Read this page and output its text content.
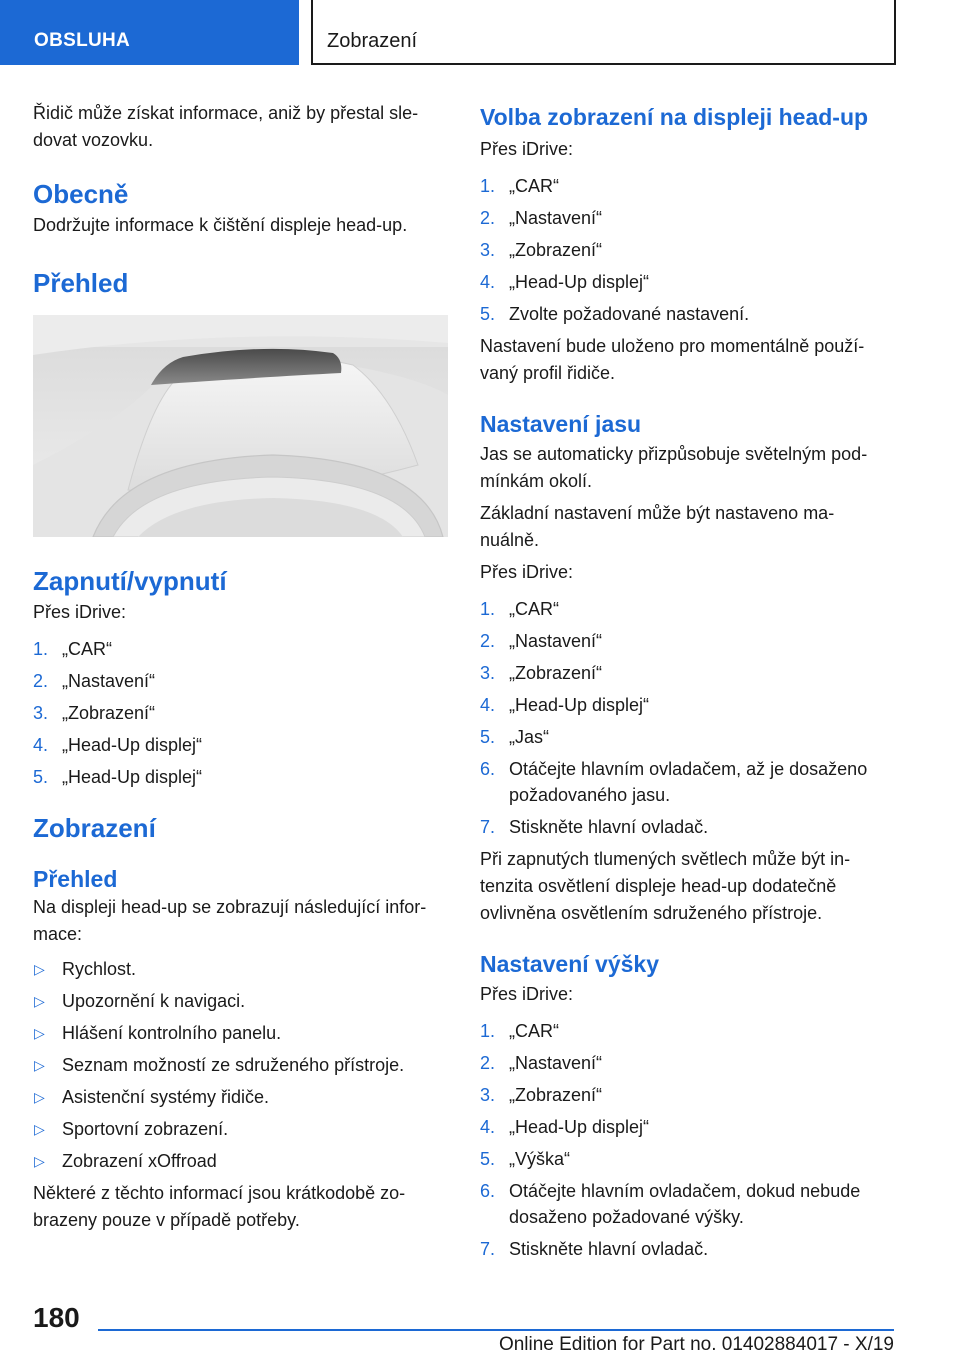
OBSLUHA	Zobrazení

Řidič může získat informace, aniž by přestal sle‐ dovat vozovku.

Obecně

Dodržujte informace k čištění displeje head-up.

Přehled
Zapnutí/vypnutí

Přes iDrive:

1. „CAR“
2. „Nastavení“
3. „Zobrazení“
4. „Head-Up displej“
5. „Head-Up displej“
Zobrazení
Přehled

Na displeji head-up se zobrazují následující infor‐ mace:

▷ Rychlost.
▷ Upozornění k navigaci.
▷ Hlášení kontrolního panelu.
▷ Seznam možností ze sdruženého přístroje.
▷ Asistenční systémy řidiče.
▷ Sportovní zobrazení.
▷ Zobrazení xOffroad

Některé z těchto informací jsou krátkodobě zo‐ brazeny pouze v případě potřeby.

Volba zobrazení na displeji head-up

Přes iDrive:

1. „CAR“
2. „Nastavení“
3. „Zobrazení“
4. „Head-Up displej“
5. Zvolte požadované nastavení.

Nastavení bude uloženo pro momentálně použí‐ vaný profil řidiče.

Nastavení jasu

Jas se automaticky přizpůsobuje světelným pod‐ mínkám okolí.

Základní nastavení může být nastaveno ma‐ nuálně.

Přes iDrive:

1. „CAR“
2. „Nastavení“
3. „Zobrazení“
4. „Head-Up displej“
5. „Jas“
6. Otáčejte hlavním ovladačem, až je dosaženo požadovaného jasu.
7. Stiskněte hlavní ovladač.

Při zapnutých tlumených světlech může být in‐ tenzita osvětlení displeje head-up dodatečně ovlivněna osvětlením sdruženého přístroje.

Nastavení výšky

Přes iDrive:

1. „CAR“
2. „Nastavení“
3. „Zobrazení“
4. „Head-Up displej“
5. „Výška“
6. Otáčejte hlavním ovladačem, dokud nebude dosaženo požadované výšky.
7. Stiskněte hlavní ovladač.
180
Online Edition for Part no. 01402884017 - X/19
